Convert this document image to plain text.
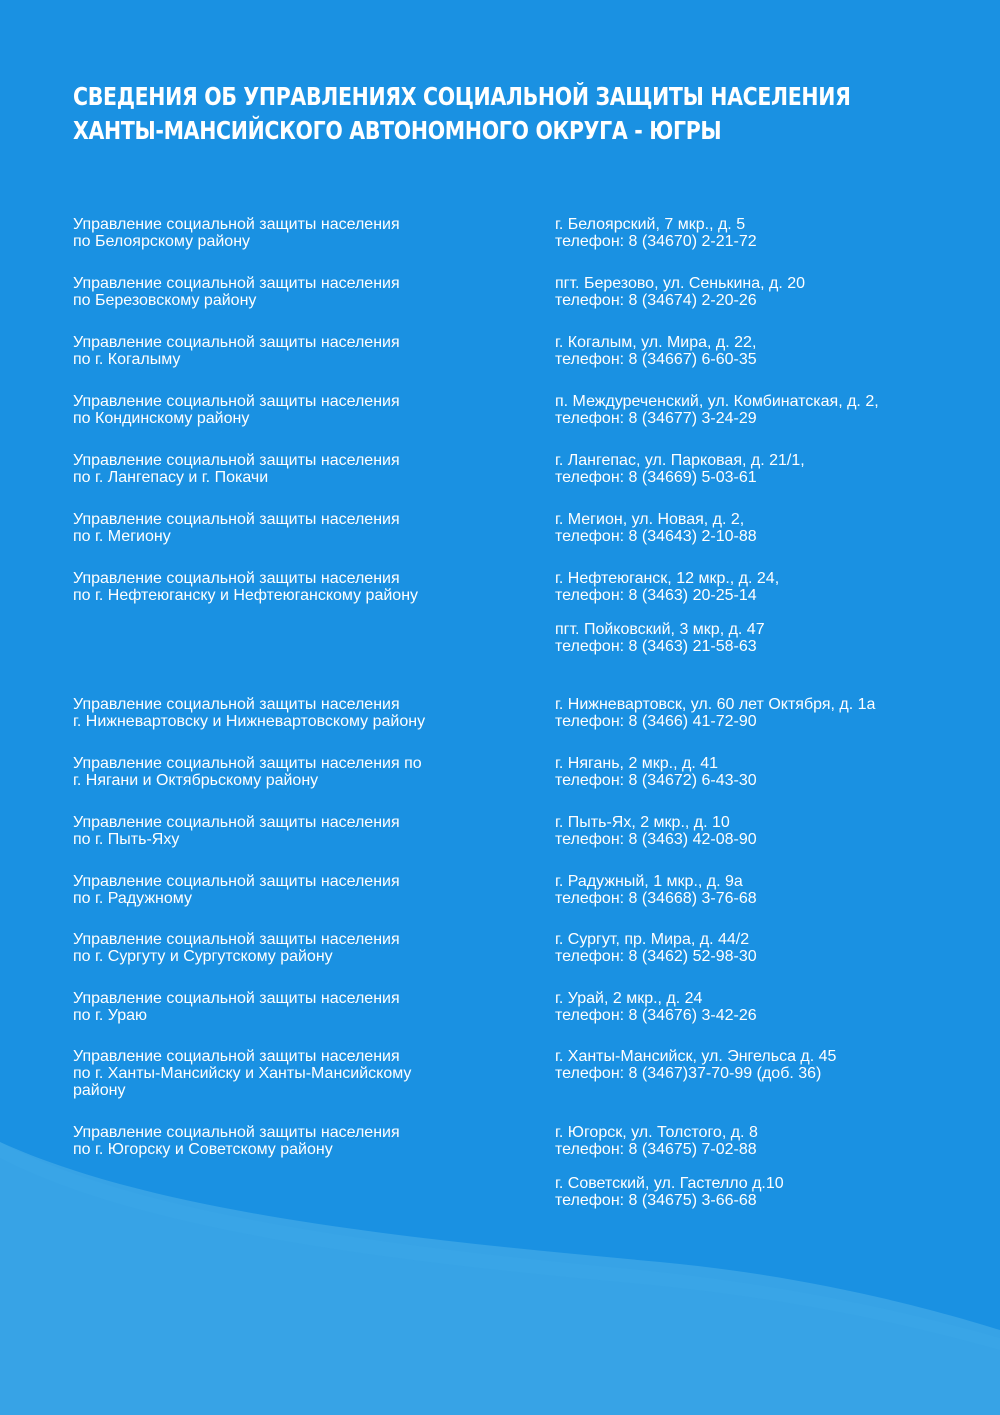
СВЕДЕНИЯ ОБ УПРАВЛЕНИЯХ СОЦИАЛЬНОЙ ЗАЩИТЫ НАСЕЛЕНИЯ
ХАНТЫ-МАНСИЙСКОГО АВТОНОМНОГО ОКРУГА - ЮГРЫ
Управление социальной защиты населения
по Белоярскому району
г. Белоярский, 7 мкр., д. 5
телефон: 8 (34670) 2-21-72
Управление социальной защиты населения
по Березовскому району
пгт. Березово, ул. Сенькина, д. 20
телефон: 8 (34674) 2-20-26
Управление социальной защиты населения
по г. Когалыму
г. Когалым, ул. Мира, д. 22,
телефон: 8 (34667) 6-60-35
Управление социальной защиты населения
по Кондинскому району
п. Междуреченский, ул. Комбинатская, д. 2,
телефон: 8 (34677) 3-24-29
Управление социальной защиты населения
по г. Лангепасу и г. Покачи
г. Лангепас, ул. Парковая, д. 21/1,
телефон: 8 (34669) 5-03-61
Управление социальной защиты населения
по г. Мегиону
г. Мегион, ул. Новая, д. 2,
телефон: 8 (34643) 2-10-88
Управление социальной защиты населения
по г. Нефтеюганску и Нефтеюганскому району
г. Нефтеюганск, 12 мкр., д. 24,
телефон: 8 (3463) 20-25-14
пгт. Пойковский, 3 мкр, д. 47
телефон: 8 (3463) 21-58-63
Управление социальной защиты населения
г. Нижневартовску и Нижневартовскому району
г. Нижневартовск, ул. 60 лет Октября, д. 1а
телефон: 8 (3466) 41-72-90
Управление социальной защиты населения по
г. Нягани и Октябрьскому району
г. Нягань, 2 мкр., д. 41
телефон: 8 (34672) 6-43-30
Управление социальной защиты населения
по г. Пыть-Яху
г. Пыть-Ях, 2 мкр., д. 10
телефон: 8 (3463) 42-08-90
Управление социальной защиты населения
по г. Радужному
г. Радужный, 1 мкр., д. 9а
телефон: 8 (34668) 3-76-68
Управление социальной защиты населения
по г. Сургуту и Сургутскому району
г. Сургут, пр. Мира, д. 44/2
телефон: 8 (3462) 52-98-30
Управление социальной защиты населения
по г. Ураю
г. Урай, 2 мкр., д. 24
телефон: 8 (34676) 3-42-26
Управление социальной защиты населения
по г. Ханты-Мансийску и Ханты-Мансийскому
району
г. Ханты-Мансийск, ул. Энгельса д. 45
телефон: 8 (3467)37-70-99 (доб. 36)
Управление социальной защиты населения
по г. Югорску и Советскому району
г. Югорск, ул. Толстого, д. 8
телефон: 8 (34675) 7-02-88
г. Советский, ул. Гастелло д.10
телефон: 8 (34675) 3-66-68
